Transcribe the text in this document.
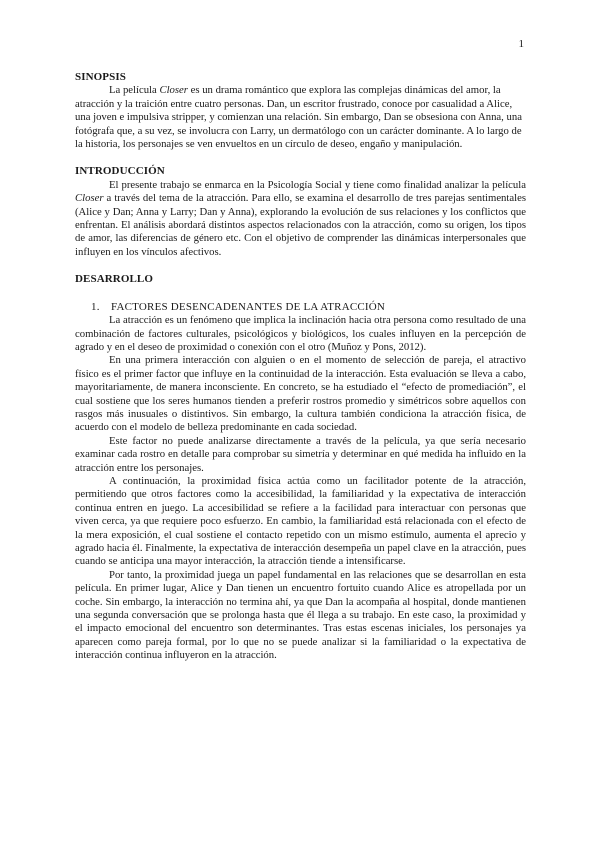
1
SINOPSIS

La película Closer es un drama romántico que explora las complejas dinámicas del amor, la atracción y la traición entre cuatro personas. Dan, un escritor frustrado, conoce por casualidad a Alice, una joven e impulsiva stripper, y comienzan una relación. Sin embargo, Dan se obsesiona con Anna, una fotógrafa que, a su vez, se involucra con Larry, un dermatólogo con un carácter dominante. A lo largo de la historia, los personajes se ven envueltos en un círculo de deseo, engaño y manipulación.

INTRODUCCIÓN

El presente trabajo se enmarca en la Psicología Social y tiene como finalidad analizar la película Closer a través del tema de la atracción. Para ello, se examina el desarrollo de tres parejas sentimentales (Alice y Dan; Anna y Larry; Dan y Anna), explorando la evolución de sus relaciones y los conflictos que enfrentan. El análisis abordará distintos aspectos relacionados con la atracción, como su origen, los tipos de amor, las diferencias de género etc. Con el objetivo de comprender las dinámicas interpersonales que influyen en los vínculos afectivos.

DESARROLLO
1. FACTORES DESENCADENANTES DE LA ATRACCIÓN

La atracción es un fenómeno que implica la inclinación hacia otra persona como resultado de una combinación de factores culturales, psicológicos y biológicos, los cuales influyen en la percepción de agrado y en el deseo de proximidad o conexión con el otro (Muñoz y Pons, 2012).

En una primera interacción con alguien o en el momento de selección de pareja, el atractivo físico es el primer factor que influye en la continuidad de la interacción. Esta evaluación se lleva a cabo, mayoritariamente, de manera inconsciente. En concreto, se ha estudiado el “efecto de promediación”, el cual sostiene que los seres humanos tienden a preferir rostros promedio y simétricos sobre aquellos con rasgos más inusuales o distintivos. Sin embargo, la cultura también condiciona la atracción física, de acuerdo con el modelo de belleza predominante en cada sociedad.

Este factor no puede analizarse directamente a través de la película, ya que sería necesario examinar cada rostro en detalle para comprobar su simetría y determinar en qué medida ha influido en la atracción entre los personajes.

A continuación, la proximidad física actúa como un facilitador potente de la atracción, permitiendo que otros factores como la accesibilidad, la familiaridad y la expectativa de interacción continua entren en juego. La accesibilidad se refiere a la facilidad para interactuar con personas que viven cerca, ya que requiere poco esfuerzo. En cambio, la familiaridad está relacionada con el efecto de la mera exposición, el cual sostiene el contacto repetido con un mismo estímulo, aumenta el aprecio y agrado hacia él. Finalmente, la expectativa de interacción desempeña un papel clave en la atracción, pues cuando se anticipa una mayor interacción, la atracción tiende a intensificarse.

Por tanto, la proximidad juega un papel fundamental en las relaciones que se desarrollan en esta película. En primer lugar, Alice y Dan tienen un encuentro fortuito cuando Alice es atropellada por un coche. Sin embargo, la interacción no termina ahí, ya que Dan la acompaña al hospital, donde mantienen una segunda conversación que se prolonga hasta que él llega a su trabajo. En este caso, la proximidad y el impacto emocional del encuentro son determinantes. Tras estas escenas iniciales, los personajes ya aparecen como pareja formal, por lo que no se puede analizar si la familiaridad o la expectativa de interacción continua influyeron en la atracción.
